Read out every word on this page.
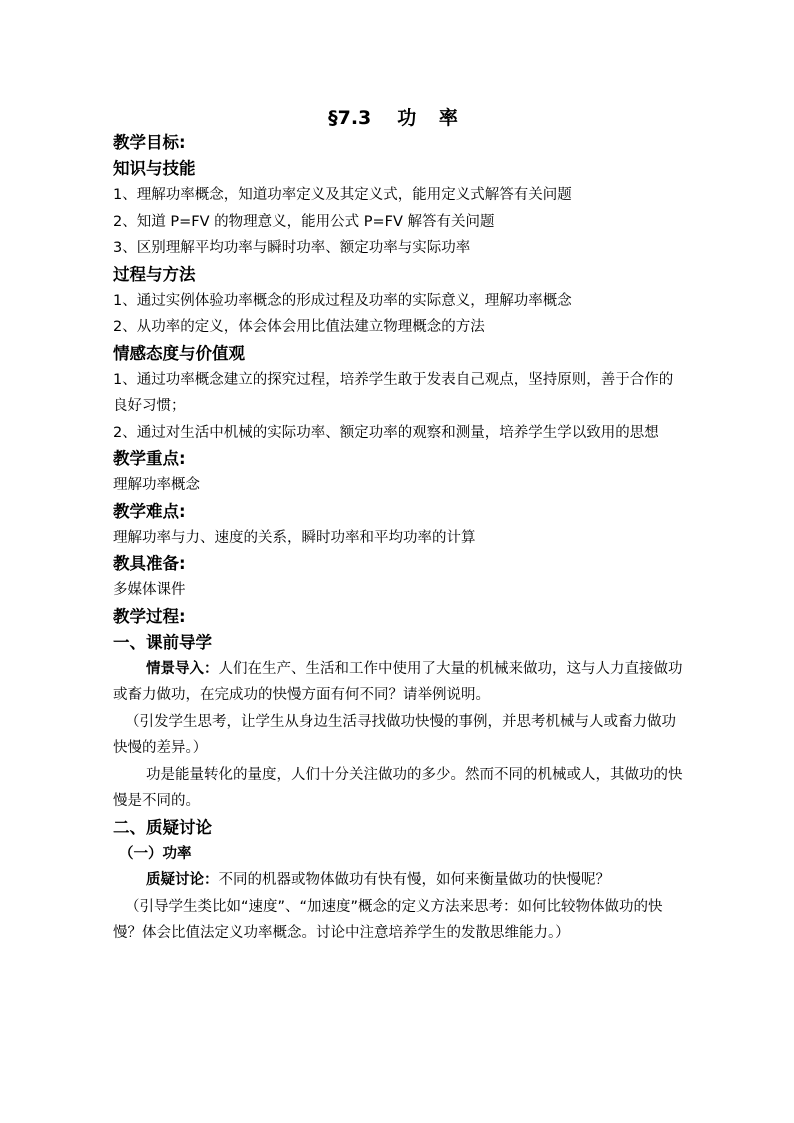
§7.3 功 率
教学目标:
知识与技能
1、理解功率概念，知道功率定义及其定义式，能用定义式解答有关问题
2、知道 P=FV 的物理意义，能用公式 P=FV 解答有关问题
3、区别理解平均功率与瞬时功率、额定功率与实际功率
过程与方法
1、通过实例体验功率概念的形成过程及功率的实际意义，理解功率概念
2、从功率的定义，体会体会用比值法建立物理概念的方法
情感态度与价值观
1、通过功率概念建立的探究过程，培养学生敢于发表自己观点，坚持原则，善于合作的良好习惯；
2、通过对生活中机械的实际功率、额定功率的观察和测量，培养学生学以致用的思想
教学重点:
理解功率概念
教学难点:
理解功率与力、速度的关系，瞬时功率和平均功率的计算
教具准备:
多媒体课件
教学过程:
一、课前导学
情景导入：人们在生产、生活和工作中使用了大量的机械来做功，这与人力直接做功或畜力做功，在完成功的快慢方面有何不同？请举例说明。
（引发学生思考，让学生从身边生活寻找做功快慢的事例，并思考机械与人或畜力做功快慢的差异。）
功是能量转化的量度，人们十分关注做功的多少。然而不同的机械或人，其做功的快慢是不同的。
二、质疑讨论
（一）功率
质疑讨论：不同的机器或物体做功有快有慢，如何来衡量做功的快慢呢？
（引导学生类比如“速度”、“加速度”概念的定义方法来思考：如何比较物体做功的快慢？体会比值法定义功率概念。讨论中注意培养学生的发散思维能力。）
